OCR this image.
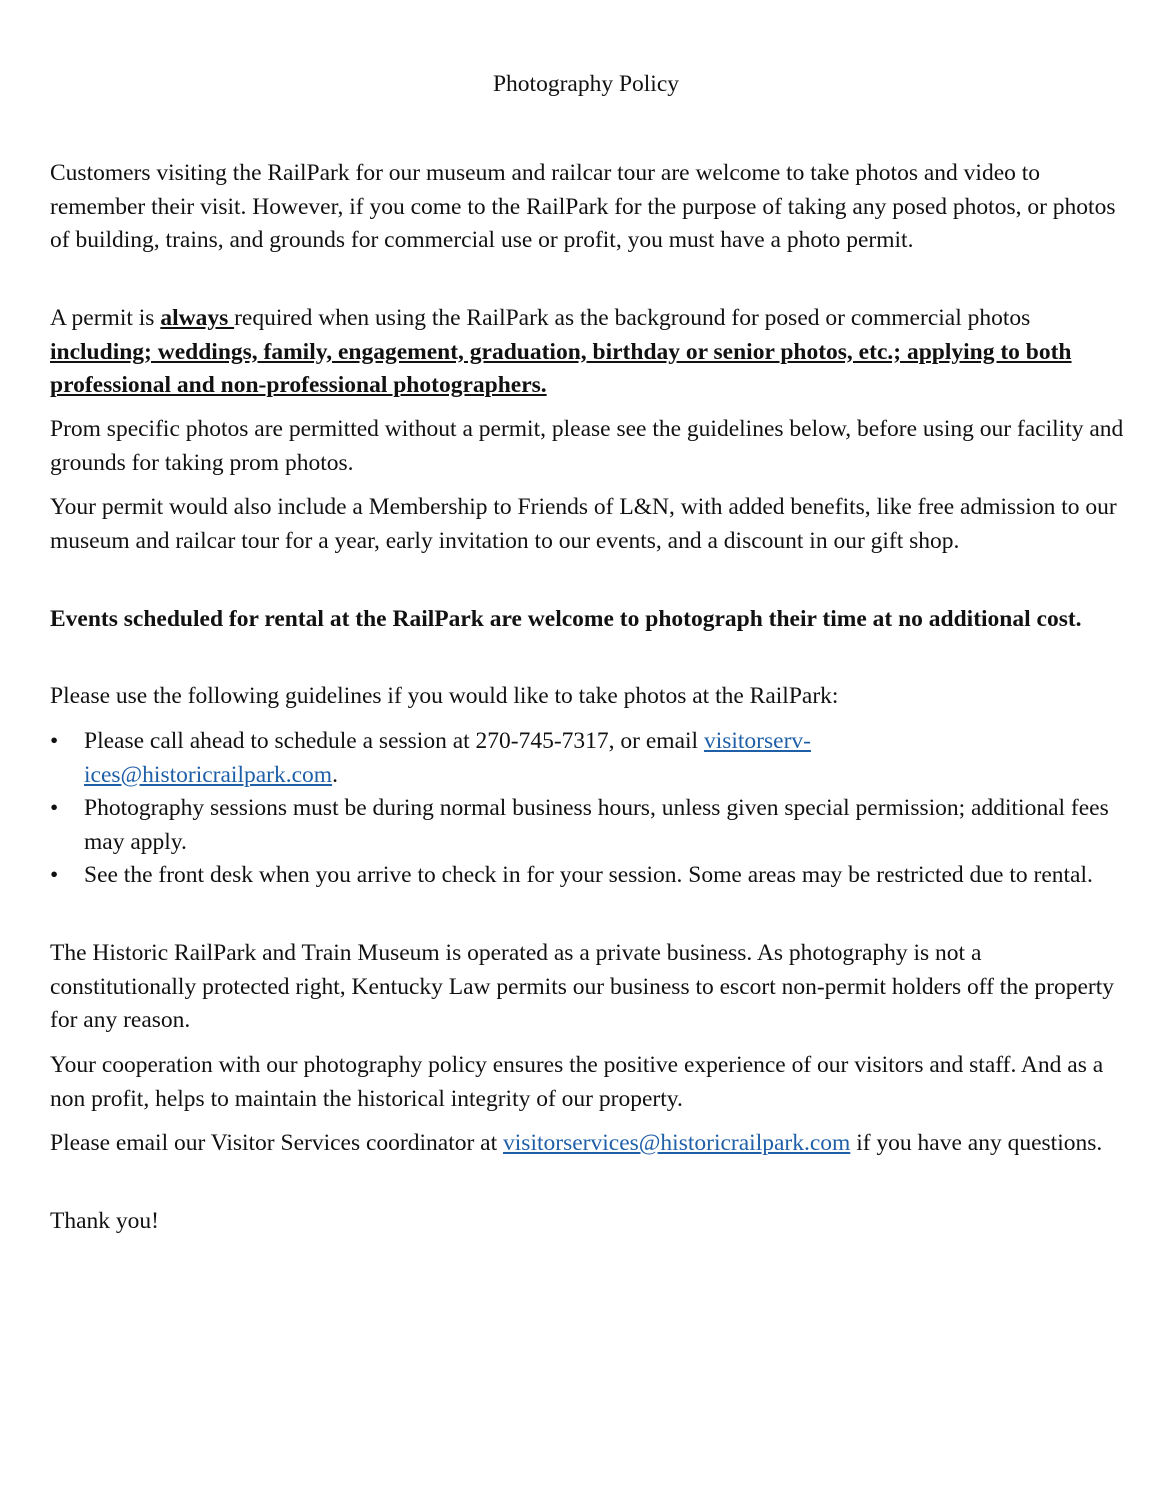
Photography Policy

Customers visiting the RailPark for our museum and railcar tour are welcome to take photos and video to remember their visit. However, if you come to the RailPark for the purpose of taking any posed photos, or photos of building, trains, and grounds for commercial use or profit, you must have a photo permit.

A permit is always required when using the RailPark as the background for posed or commercial photos including; weddings, family, engagement, graduation, birthday or senior photos, etc.; applying to both professional and non-professional photographers.

Prom specific photos are permitted without a permit, please see the guidelines below, before using our facility and grounds for taking prom photos.

Your permit would also include a Membership to Friends of L&N, with added benefits, like free admission to our museum and railcar tour for a year, early invitation to our events, and a discount in our gift shop.

Events scheduled for rental at the RailPark are welcome to photograph their time at no additional cost.

Please use the following guidelines if you would like to take photos at the RailPark:

• Please call ahead to schedule a session at 270-745-7317, or email visitorserv-
ices@historicrailpark.com.
• Photography sessions must be during normal business hours, unless given special permission; additional fees may apply.
• See the front desk when you arrive to check in for your session. Some areas may be restricted due to rental.

The Historic RailPark and Train Museum is operated as a private business. As photography is not a constitutionally protected right, Kentucky Law permits our business to escort non-permit holders off the property for any reason.

Your cooperation with our photography policy ensures the positive experience of our visitors and staff. And as a non profit, helps to maintain the historical integrity of our property.

Please email our Visitor Services coordinator at visitorservices@historicrailpark.com if you have any questions.

Thank you!
